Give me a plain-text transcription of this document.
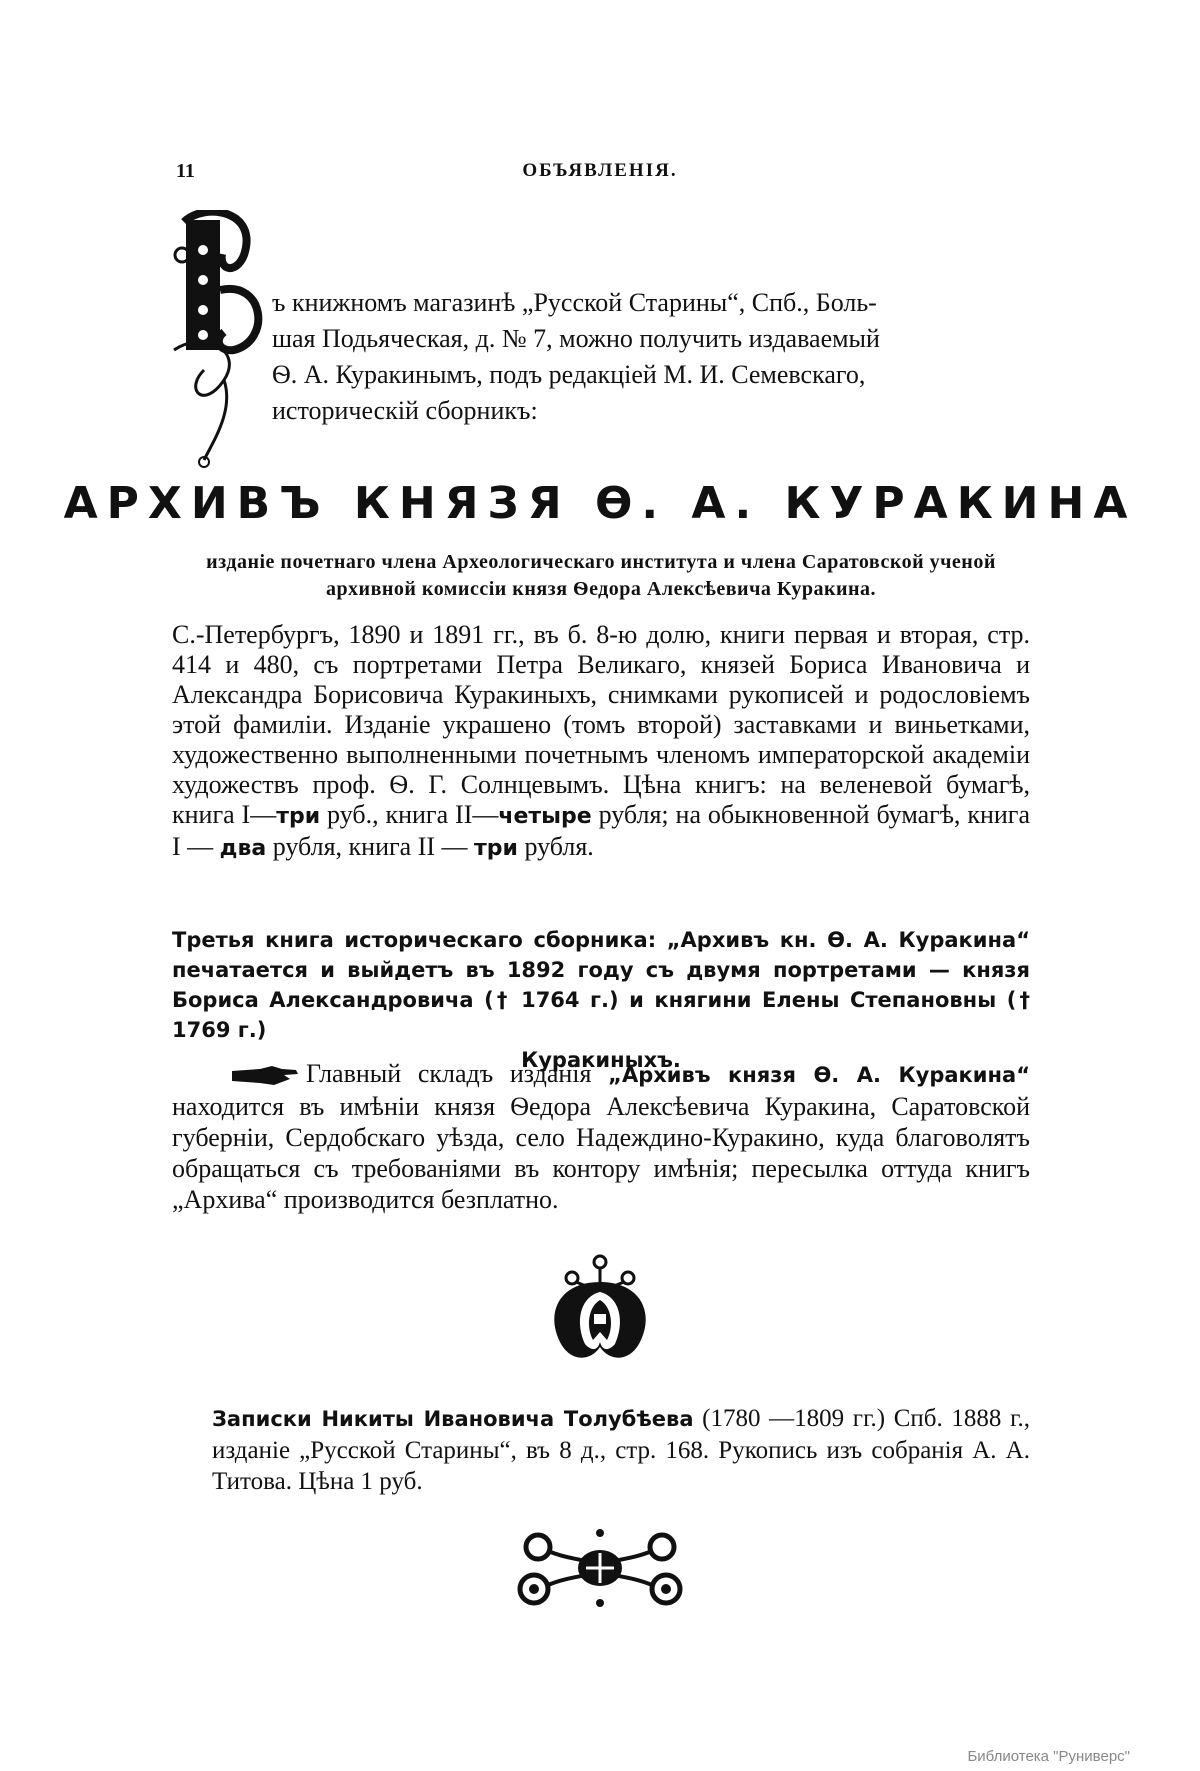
11	ОБЪЯВЛЕНІЯ.

ъ книжномъ магазинѣ „Русской Старины“, Спб., Боль-

шая Подьяческая, д. № 7, можно получить издаваемый

Ѳ. А. Куракинымъ, подъ редакціей М. И. Семевскаго,

историческій сборникъ:

АРХИВЪ КНЯЗЯ Ѳ. А. КУРАКИНА
изданіе почетнаго члена Археологическаго института и члена Саратовской ученой архивной комиссіи князя Ѳедора Алексѣевича Куракина.
С.-Петербургъ, 1890 и 1891 гг., въ б. 8-ю долю, книги первая и вторая, стр. 414 и 480, съ портретами Петра Великаго, князей Бориса Ивановича и Александра Борисовича Куракиныхъ, снимками рукописей и родословіемъ этой фамиліи. Изданіе украшено (томъ второй) заставками и виньетками, художественно выполненными почетнымъ членомъ императорской академіи художествъ проф. Ѳ. Г. Солнцевымъ. Цѣна книгъ: на веленевой бумагѣ, книга I—три руб., книга II—четыре рубля; на обыкновенной бумагѣ, книга I — два рубля, книга II — три рубля.
Третья книга историческаго сборника: „Архивъ кн. Ѳ. А. Куракина“ печатается и выйдетъ въ 1892 году съ двумя портретами — князя Бориса Александровича († 1764 г.) и княгини Елены Степановны († 1769 г.)
Куракиныхъ.
Главный складъ изданія „Архивъ князя Ѳ. А. Куракина“ находится въ имѣніи князя Ѳедора Алексѣевича Куракина, Саратовской губерніи, Сердобскаго уѣзда, село Надеждино-Куракино, куда благоволятъ обращаться съ требованіями въ контору имѣнія; пересылка оттуда книгъ „Архива“ производится безплатно.
Записки Никиты Ивановича Толубѣева (1780 —1809 гг.) Спб. 1888 г., изданіе „Русской Старины“, въ 8 д., стр. 168. Рукопись изъ собранія А. А. Титова. Цѣна 1 руб.
Библиотека "Руниверс"
